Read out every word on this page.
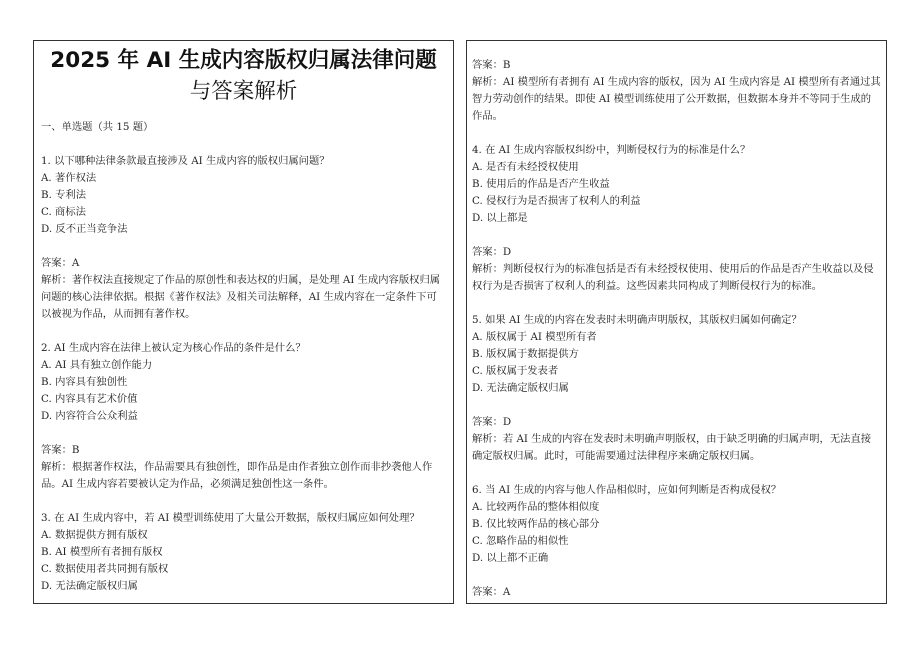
2025 年 AI 生成内容版权归属法律问题
与答案解析
一、单选题（共 15 题）
1. 以下哪种法律条款最直接涉及 AI 生成内容的版权归属问题？
A. 著作权法
B. 专利法
C. 商标法
D. 反不正当竞争法
答案：A
解析：著作权法直接规定了作品的原创性和表达权的归属，是处理 AI 生成内容版权归属问题的核心法律依据。根据《著作权法》及相关司法解释，AI 生成内容在一定条件下可以被视为作品，从而拥有著作权。
2. AI 生成内容在法律上被认定为核心作品的条件是什么？
A. AI 具有独立创作能力
B. 内容具有独创性
C. 内容具有艺术价值
D. 内容符合公众利益
答案：B
解析：根据著作权法，作品需要具有独创性，即作品是由作者独立创作而非抄袭他人作品。AI 生成内容若要被认定为作品，必须满足独创性这一条件。
3. 在 AI 生成内容中，若 AI 模型训练使用了大量公开数据，版权归属应如何处理？
A. 数据提供方拥有版权
B. AI 模型所有者拥有版权
C. 数据使用者共同拥有版权
D. 无法确定版权归属
答案：B
解析：AI 模型所有者拥有 AI 生成内容的版权，因为 AI 生成内容是 AI 模型所有者通过其智力劳动创作的结果。即使 AI 模型训练使用了公开数据，但数据本身并不等同于生成的作品。
4. 在 AI 生成内容版权纠纷中，判断侵权行为的标准是什么？
A. 是否有未经授权使用
B. 使用后的作品是否产生收益
C. 侵权行为是否损害了权利人的利益
D. 以上都是
答案：D
解析：判断侵权行为的标准包括是否有未经授权使用、使用后的作品是否产生收益以及侵权行为是否损害了权利人的利益。这些因素共同构成了判断侵权行为的标准。
5. 如果 AI 生成的内容在发表时未明确声明版权，其版权归属如何确定？
A. 版权属于 AI 模型所有者
B. 版权属于数据提供方
C. 版权属于发表者
D. 无法确定版权归属
答案：D
解析：若 AI 生成的内容在发表时未明确声明版权，由于缺乏明确的归属声明，无法直接确定版权归属。此时，可能需要通过法律程序来确定版权归属。
6. 当 AI 生成的内容与他人作品相似时，应如何判断是否构成侵权？
A. 比较两作品的整体相似度
B. 仅比较两作品的核心部分
C. 忽略作品的相似性
D. 以上都不正确
答案：A
